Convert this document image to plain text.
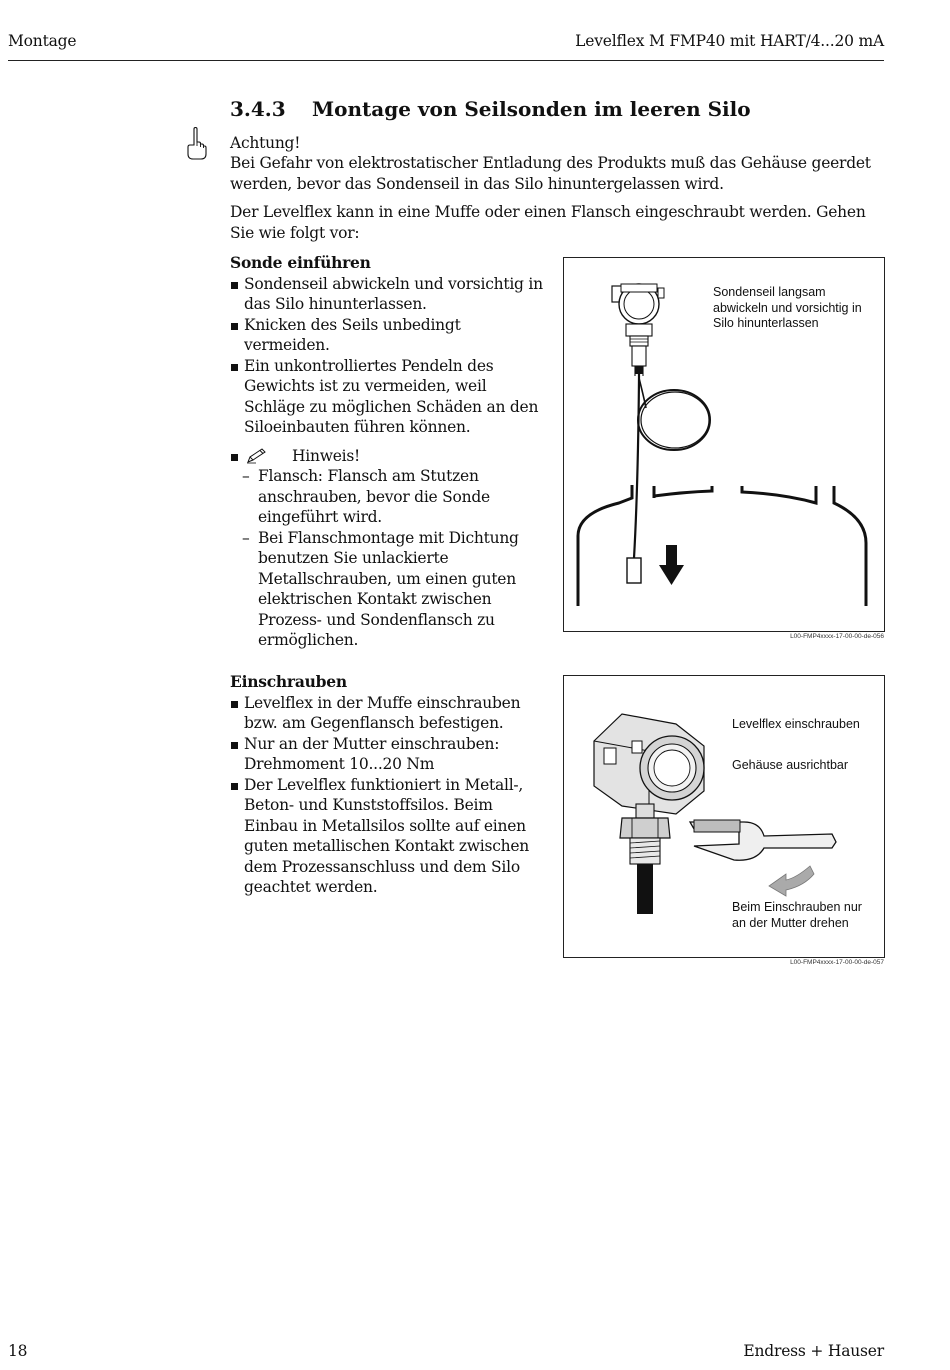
Montage	Levelflex M FMP40 mit HART/4...20 mA
3.4.3 Montage von Seilsonden im leeren Silo
Achtung!
Bei Gefahr von elektrostatischer Entladung des Produkts muß das Gehäuse geerdet werden, bevor das Sondenseil in das Silo hinuntergelassen wird.
Der Levelflex kann in eine Muffe oder einen Flansch eingeschraubt werden. Gehen Sie wie folgt vor:
Sonde einführen
Sondenseil abwickeln und vorsichtig in das Silo hinunterlassen.
Knicken des Seils unbedingt vermeiden.
Ein unkontrolliertes Pendeln des Gewichts ist zu vermeiden, weil Schläge zu möglichen Schäden an den Siloeinbauten führen können.
Hinweis!
– Flansch: Flansch am Stutzen anschrauben, bevor die Sonde eingeführt wird.
– Bei Flanschmontage mit Dichtung benutzen Sie unlackierte Metallschrauben, um einen guten elektrischen Kontakt zwischen Prozess- und Sondenflansch zu ermöglichen.
Sondenseil langsam abwickeln und vorsichtig in Silo hinunterlassen
L00-FMP4xxxx-17-00-00-de-056
Einschrauben
Levelflex in der Muffe einschrauben bzw. am Gegenflansch befestigen.
Nur an der Mutter einschrauben: Drehmoment 10...20 Nm
Der Levelflex funktioniert in Metall-, Beton- und Kunststoffsilos. Beim Einbau in Metallsilos sollte auf einen guten metallischen Kontakt zwischen dem Prozessanschluss und dem Silo geachtet werden.
Levelflex einschrauben
Gehäuse ausrichtbar
Beim Einschrauben nur an der Mutter drehen
L00-FMP4xxxx-17-00-00-de-057
18	Endress + Hauser
